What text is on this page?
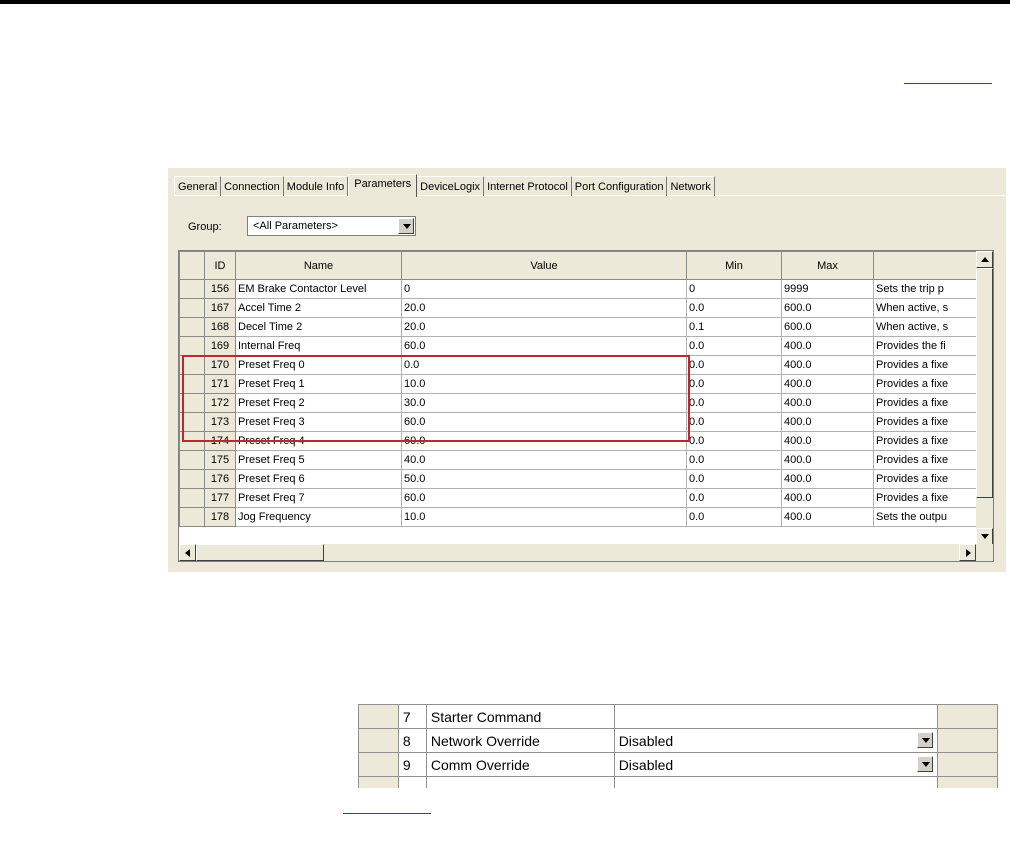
General Connection Module Info Parameters DeviceLogix Internet Protocol Port Configuration Network
Group:	<All Parameters>
	ID	Name	Value	Min	Max	
	156	EM Brake Contactor Level	0	0	9999	Sets the trip p
	167	Accel Time 2	20.0	0.0	600.0	When active, s
	168	Decel Time 2	20.0	0.1	600.0	When active, s
	169	Internal Freq	60.0	0.0	400.0	Provides the fi
	170	Preset Freq 0	0.0	0.0	400.0	Provides a fixe
	171	Preset Freq 1	10.0	0.0	400.0	Provides a fixe
	172	Preset Freq 2	30.0	0.0	400.0	Provides a fixe
	173	Preset Freq 3	60.0	0.0	400.0	Provides a fixe
	174	Preset Freq 4	60.0	0.0	400.0	Provides a fixe
	175	Preset Freq 5	40.0	0.0	400.0	Provides a fixe
	176	Preset Freq 6	50.0	0.0	400.0	Provides a fixe
	177	Preset Freq 7	60.0	0.0	400.0	Provides a fixe
	178	Jog Frequency	10.0	0.0	400.0	Sets the outpu
	7	Starter Command		
	8	Network Override	Disabled

	9	Comm Override	Disabled
